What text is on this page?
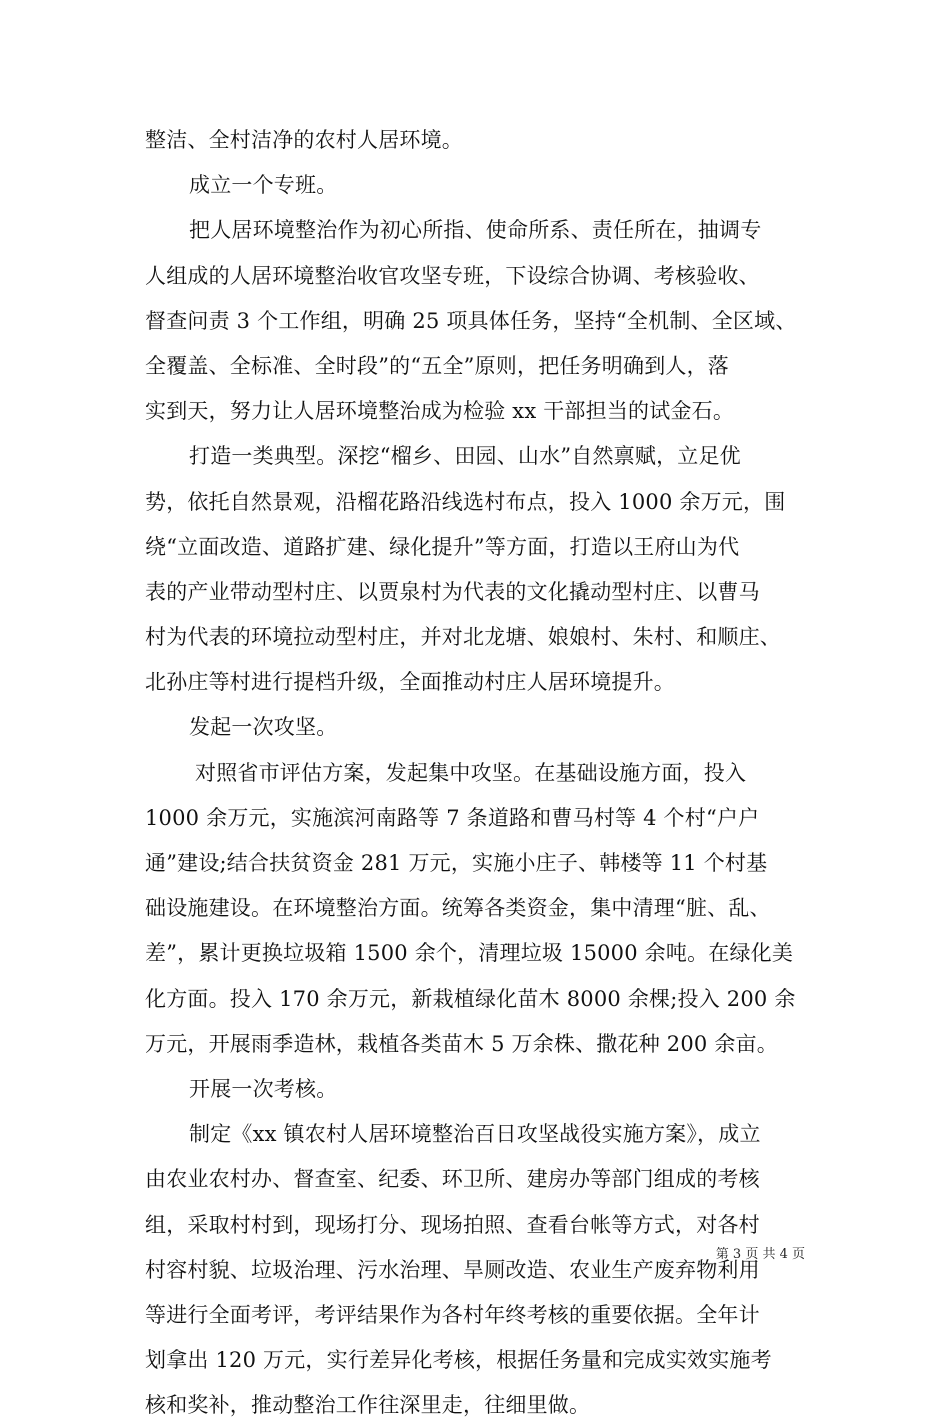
整洁、全村洁净的农村人居环境。
成立一个专班。
把人居环境整治作为初心所指、使命所系、责任所在，抽调专
人组成的人居环境整治收官攻坚专班，下设综合协调、考核验收、
督查问责 3 个工作组，明确 25 项具体任务，坚持“全机制、全区域、
全覆盖、全标准、全时段”的“五全”原则，把任务明确到人，落
实到天，努力让人居环境整治成为检验 xx 干部担当的试金石。
打造一类典型。深挖“榴乡、田园、山水”自然禀赋，立足优
势，依托自然景观，沿榴花路沿线选村布点，投入 1000 余万元，围
绕“立面改造、道路扩建、绿化提升”等方面，打造以王府山为代
表的产业带动型村庄、以贾泉村为代表的文化撬动型村庄、以曹马
村为代表的环境拉动型村庄，并对北龙塘、娘娘村、朱村、和顺庄、
北孙庄等村进行提档升级，全面推动村庄人居环境提升。
发起一次攻坚。
对照省市评估方案，发起集中攻坚。在基础设施方面，投入
1000 余万元，实施滨河南路等 7 条道路和曹马村等 4 个村“户户
通”建设;结合扶贫资金 281 万元，实施小庄子、韩楼等 11 个村基
础设施建设。在环境整治方面。统筹各类资金，集中清理“脏、乱、
差”，累计更换垃圾箱 1500 余个，清理垃圾 15000 余吨。在绿化美
化方面。投入 170 余万元，新栽植绿化苗木 8000 余棵;投入 200 余
万元，开展雨季造林，栽植各类苗木 5 万余株、撒花种 200 余亩。
开展一次考核。
制定《xx 镇农村人居环境整治百日攻坚战役实施方案》，成立
由农业农村办、督查室、纪委、环卫所、建房办等部门组成的考核
组，采取村村到，现场打分、现场拍照、查看台帐等方式，对各村
村容村貌、垃圾治理、污水治理、旱厕改造、农业生产废弃物利用
等进行全面考评，考评结果作为各村年终考核的重要依据。全年计
划拿出 120 万元，实行差异化考核，根据任务量和完成实效实施考
核和奖补，推动整治工作往深里走，往细里做。
第 3 页 共 4 页
